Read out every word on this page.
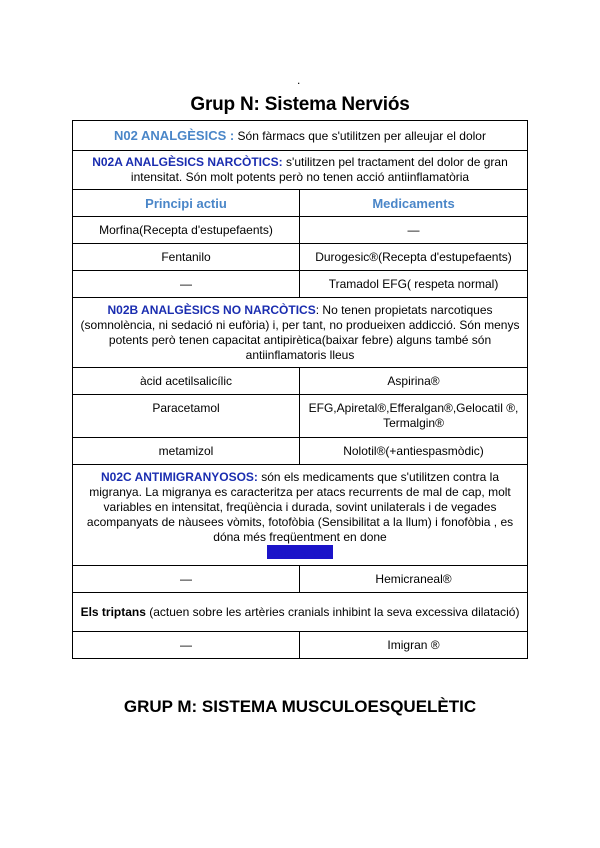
.
Grup N: Sistema Nerviós
N02 ANALGÈSICS : Són fàrmacs que s'utilitzen per alleujar el dolor	
N02A ANALGÈSICS NARCÒTICS: s'utilitzen pel tractament del dolor de gran intensitat. Són molt potents però no tenen acció antiinflamatòria	
Principi actiu	Medicaments
Morfina(Recepta d'estupefaents)	—
Fentanilo	Durogesic®(Recepta d'estupefaents)
—	Tramadol EFG( respeta normal)
N02B ANALGÈSICS NO NARCÒTICS: No tenen propietats narcotiques (somnolència, ni sedació ni eufòria) i, per tant, no produeixen addicció. Són menys potents però tenen capacitat antipirètica(baixar febre) alguns també són antiinflamatoris lleus	
àcid acetilsalicílic	Aspirina®
Paracetamol	EFG,Apiretal®,Efferalgan®,Gelocatil ®, Termalgin®
metamizol	Nolotil®(+antiespasmòdic)
N02C ANTIMIGRANYOSOS: són els medicaments que s'utilitzen contra la migranya. La migranya es caracteritza per atacs recurrents de mal de cap, molt variables en intensitat, freqüència i durada, sovint unilaterals i de vegades acompanyats de nàusees vòmits, fotofòbia (Sensibilitat a la llum) i fonofòbia , es dóna més freqüentment en done
Dolor al cap	
—	Hemicraneal®
Els triptans (actuen sobre les artèries cranials inhibint la seva excessiva dilatació)	
—	Imigran ®
GRUP M: SISTEMA MUSCULOESQUELÈTIC
